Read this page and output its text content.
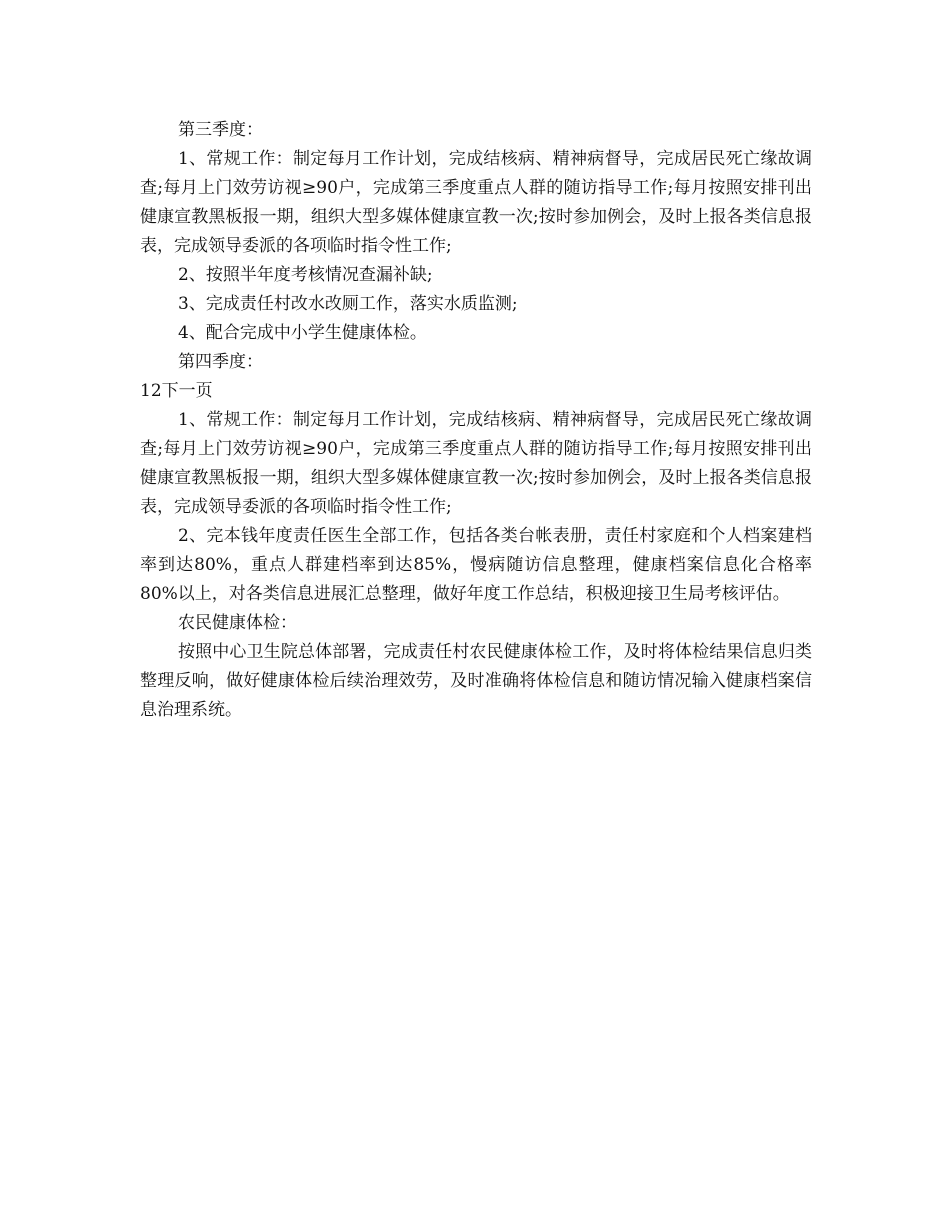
第三季度：

1、常规工作：制定每月工作计划，完成结核病、精神病督导，完成居民死亡缘故调查;每月上门效劳访视≥90户，完成第三季度重点人群的随访指导工作;每月按照安排刊出健康宣教黑板报一期，组织大型多媒体健康宣教一次;按时参加例会，及时上报各类信息报表，完成领导委派的各项临时指令性工作;

2、按照半年度考核情况查漏补缺;

3、完成责任村改水改厕工作，落实水质监测;

4、配合完成中小学生健康体检。

第四季度：

12下一页

1、常规工作：制定每月工作计划，完成结核病、精神病督导，完成居民死亡缘故调查;每月上门效劳访视≥90户，完成第三季度重点人群的随访指导工作;每月按照安排刊出健康宣教黑板报一期，组织大型多媒体健康宣教一次;按时参加例会，及时上报各类信息报表，完成领导委派的各项临时指令性工作;

2、完本钱年度责任医生全部工作，包括各类台帐表册，责任村家庭和个人档案建档率到达80%，重点人群建档率到达85%，慢病随访信息整理，健康档案信息化合格率80%以上，对各类信息进展汇总整理，做好年度工作总结，积极迎接卫生局考核评估。

农民健康体检：

按照中心卫生院总体部署，完成责任村农民健康体检工作，及时将体检结果信息归类整理反响，做好健康体检后续治理效劳，及时准确将体检信息和随访情况输入健康档案信息治理系统。
